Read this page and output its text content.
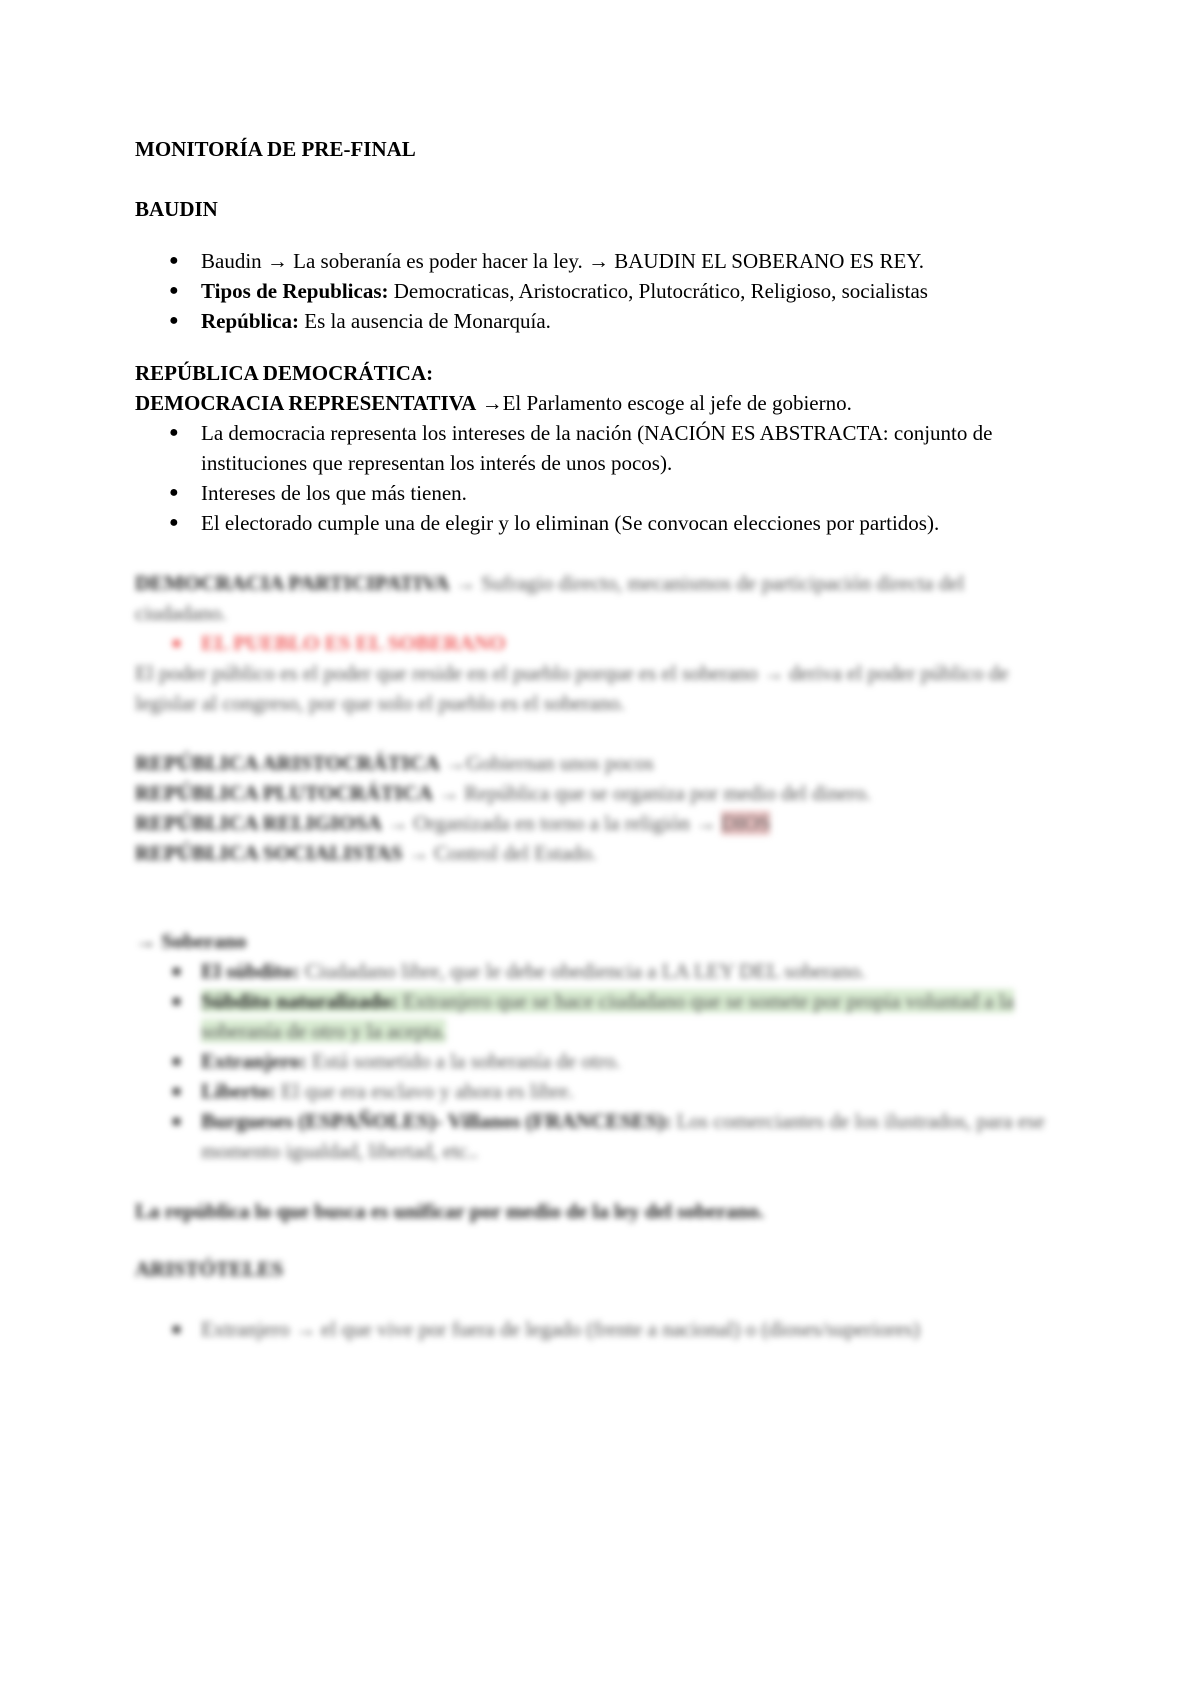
MONITORÍA DE PRE-FINAL

BAUDIN

● Baudin → La soberanía es poder hacer la ley. → BAUDIN EL SOBERANO ES REY.
● Tipos de Republicas: Democraticas, Aristocratico, Plutocrático, Religioso, socialistas
● República: Es la ausencia de Monarquía.

REPÚBLICA DEMOCRÁTICA:

DEMOCRACIA REPRESENTATIVA →El Parlamento escoge al jefe de gobierno.

● La democracia representa los intereses de la nación (NACIÓN ES ABSTRACTA: conjunto de instituciones que representan los interés de unos pocos).
● Intereses de los que más tienen.
● El electorado cumple una de elegir y lo eliminan (Se convocan elecciones por partidos).

DEMOCRACIA PARTICIPATIVA → Sufragio directo, mecanismos de participación directa del ciudadano.

EL PUEBLO ES EL SOBERANO

El poder público es el poder que reside en el pueblo porque es el soberano → deriva el poder público de legislar al congreso, por que solo el pueblo es el soberano.

REPÚBLICA ARISTOCRÁTICA →Gobiernan unos pocos

REPÚBLICA PLUTOCRÁTICA → República que se organiza por medio del dinero.

REPÚBLICA RELIGIOSA → Organizada en torno a la religión → DIOS

REPÚBLICA SOCIALISTAS → Control del Estado.

→ Soberano

El súbdito: Ciudadano libre, que le debe obediencia a LA LEY DEL soberano.
Súbdito naturalizado: Extranjero que se hace ciudadano que se somete por propia voluntad a la soberanía de otro y la acepta.
Extranjero: Está sometido a la soberanía de otro.
Liberto: El que era esclavo y ahora es libre.
Burgueses (ESPAÑOLES)- Villanos (FRANCESES): Los comerciantes de los ilustrados, para ese momento igualdad, libertad, etc..

La república lo que busca es unificar por medio de la ley del soberano.

ARISTÓTELES

Extranjero → el que vive por fuera de legado (frente a nacional) o (dioses/superiores)
